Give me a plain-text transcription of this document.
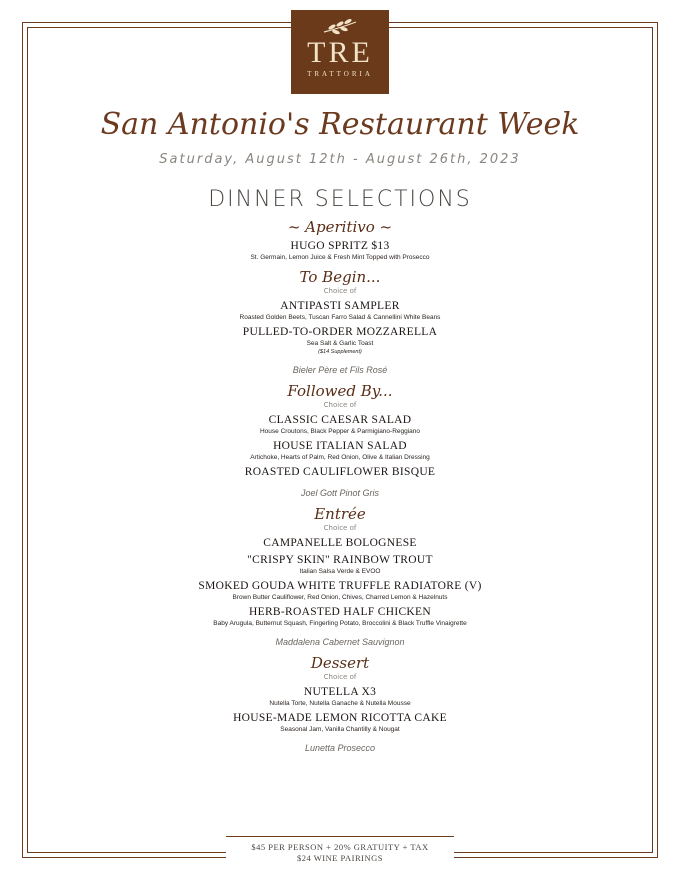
TRE
TRATTORIA
San Antonio's Restaurant Week
Saturday, August 12th - August 26th, 2023
DINNER SELECTIONS
~ Aperitivo ~
HUGO SPRITZ $13
St. Germain, Lemon Juice & Fresh Mint Topped with Prosecco
To Begin...
Choice of
ANTIPASTI SAMPLER
Roasted Golden Beets, Tuscan Farro Salad & Cannellini White Beans
PULLED-TO-ORDER MOZZARELLA
Sea Salt & Garlic Toast
($14 Supplement)
Bieler Père et Fils Rosé
Followed By...
Choice of
CLASSIC CAESAR SALAD
House Croutons, Black Pepper & Parmigiano-Reggiano
HOUSE ITALIAN SALAD
Artichoke, Hearts of Palm, Red Onion, Olive & Italian Dressing
ROASTED CAULIFLOWER BISQUE
Joel Gott Pinot Gris
Entrée
Choice of
CAMPANELLE BOLOGNESE
"CRISPY SKIN" RAINBOW TROUT
Italian Salsa Verde & EVOO
SMOKED GOUDA WHITE TRUFFLE RADIATORE (V)
Brown Butter Cauliflower, Red Onion, Chives, Charred Lemon & Hazelnuts
HERB-ROASTED HALF CHICKEN
Baby Arugula, Butternut Squash, Fingerling Potato, Broccolini & Black Truffle Vinaigrette
Maddalena Cabernet Sauvignon
Dessert
Choice of
NUTELLA X3
Nutella Torte, Nutella Ganache & Nutella Mousse
HOUSE-MADE LEMON RICOTTA CAKE
Seasonal Jam, Vanilla Chantilly & Nougat
Lunetta Prosecco
$45 PER PERSON + 20% GRATUITY + TAX
$24 WINE PAIRINGS
